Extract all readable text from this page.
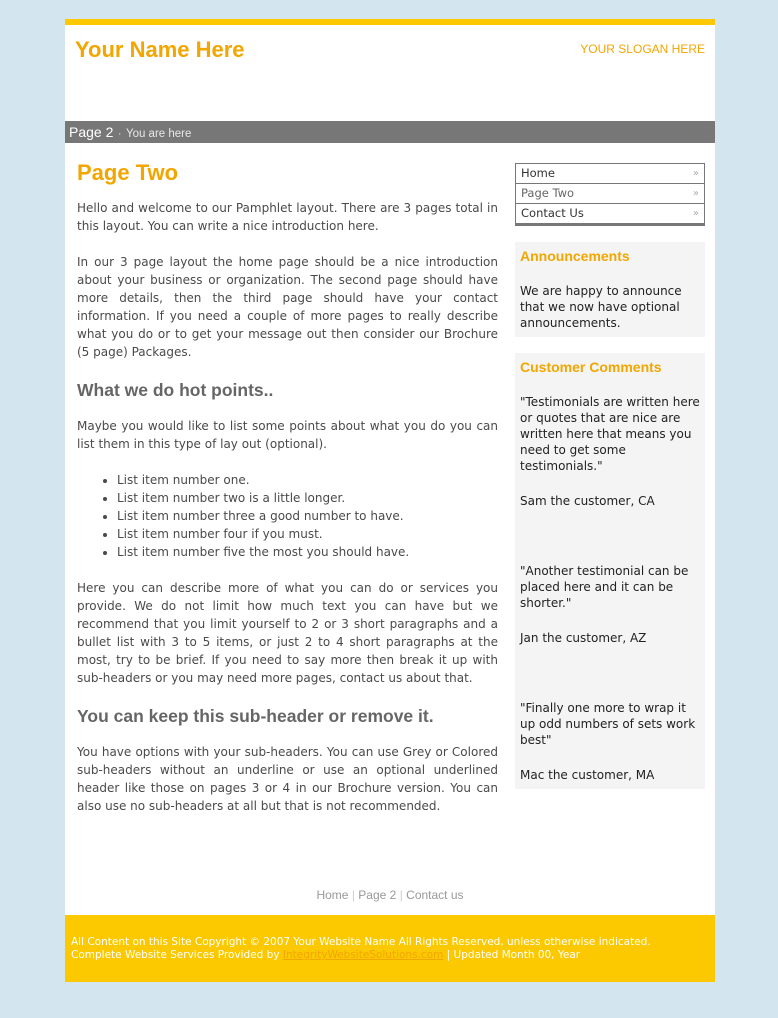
Your Name Here	YOUR SLOGAN HERE
Page 2 · You are here
Page Two

Hello and welcome to our Pamphlet layout. There are 3 pages total in this layout. You can write a nice introduction here.

In our 3 page layout the home page should be a nice introduction about your business or organization. The second page should have more details, then the third page should have your contact information. If you need a couple of more pages to really describe what you do or to get your message out then consider our Brochure (5 page) Packages.

What we do hot points..

Maybe you would like to list some points about what you do you can list them in this type of lay out (optional).

• List item number one.
• List item number two is a little longer.
• List item number three a good number to have.
• List item number four if you must.
• List item number five the most you should have.

Here you can describe more of what you can do or services you provide. We do not limit how much text you can have but we recommend that you limit yourself to 2 or 3 short paragraphs and a bullet list with 3 to 5 items, or just 2 to 4 short paragraphs at the most, try to be brief. If you need to say more then break it up with sub-headers or you may need more pages, contact us about that.

You can keep this sub-header or remove it.

You have options with your sub-headers. You can use Grey or Colored sub-headers without an underline or use an optional underlined header like those on pages 3 or 4 in our Brochure version. You can also use no sub-headers at all but that is not recommended.

Home	»
Page Two	»
Contact Us	»
Announcements

We are happy to announce that we now have optional announcements.

Customer Comments

"Testimonials are written here or quotes that are nice are written here that means you need to get some testimonials."

Sam the customer, CA

"Another testimonial can be placed here and it can be shorter."

Jan the customer, AZ

"Finally one more to wrap it up odd numbers of sets work best"

Mac the customer, MA

Home | Page 2 | Contact us
All Content on this Site Copyright © 2007 Your Website Name All Rights Reserved, unless otherwise indicated.
Complete Website Services Provided by IntegrityWebsiteSolutions.com | Updated Month 00, Year
